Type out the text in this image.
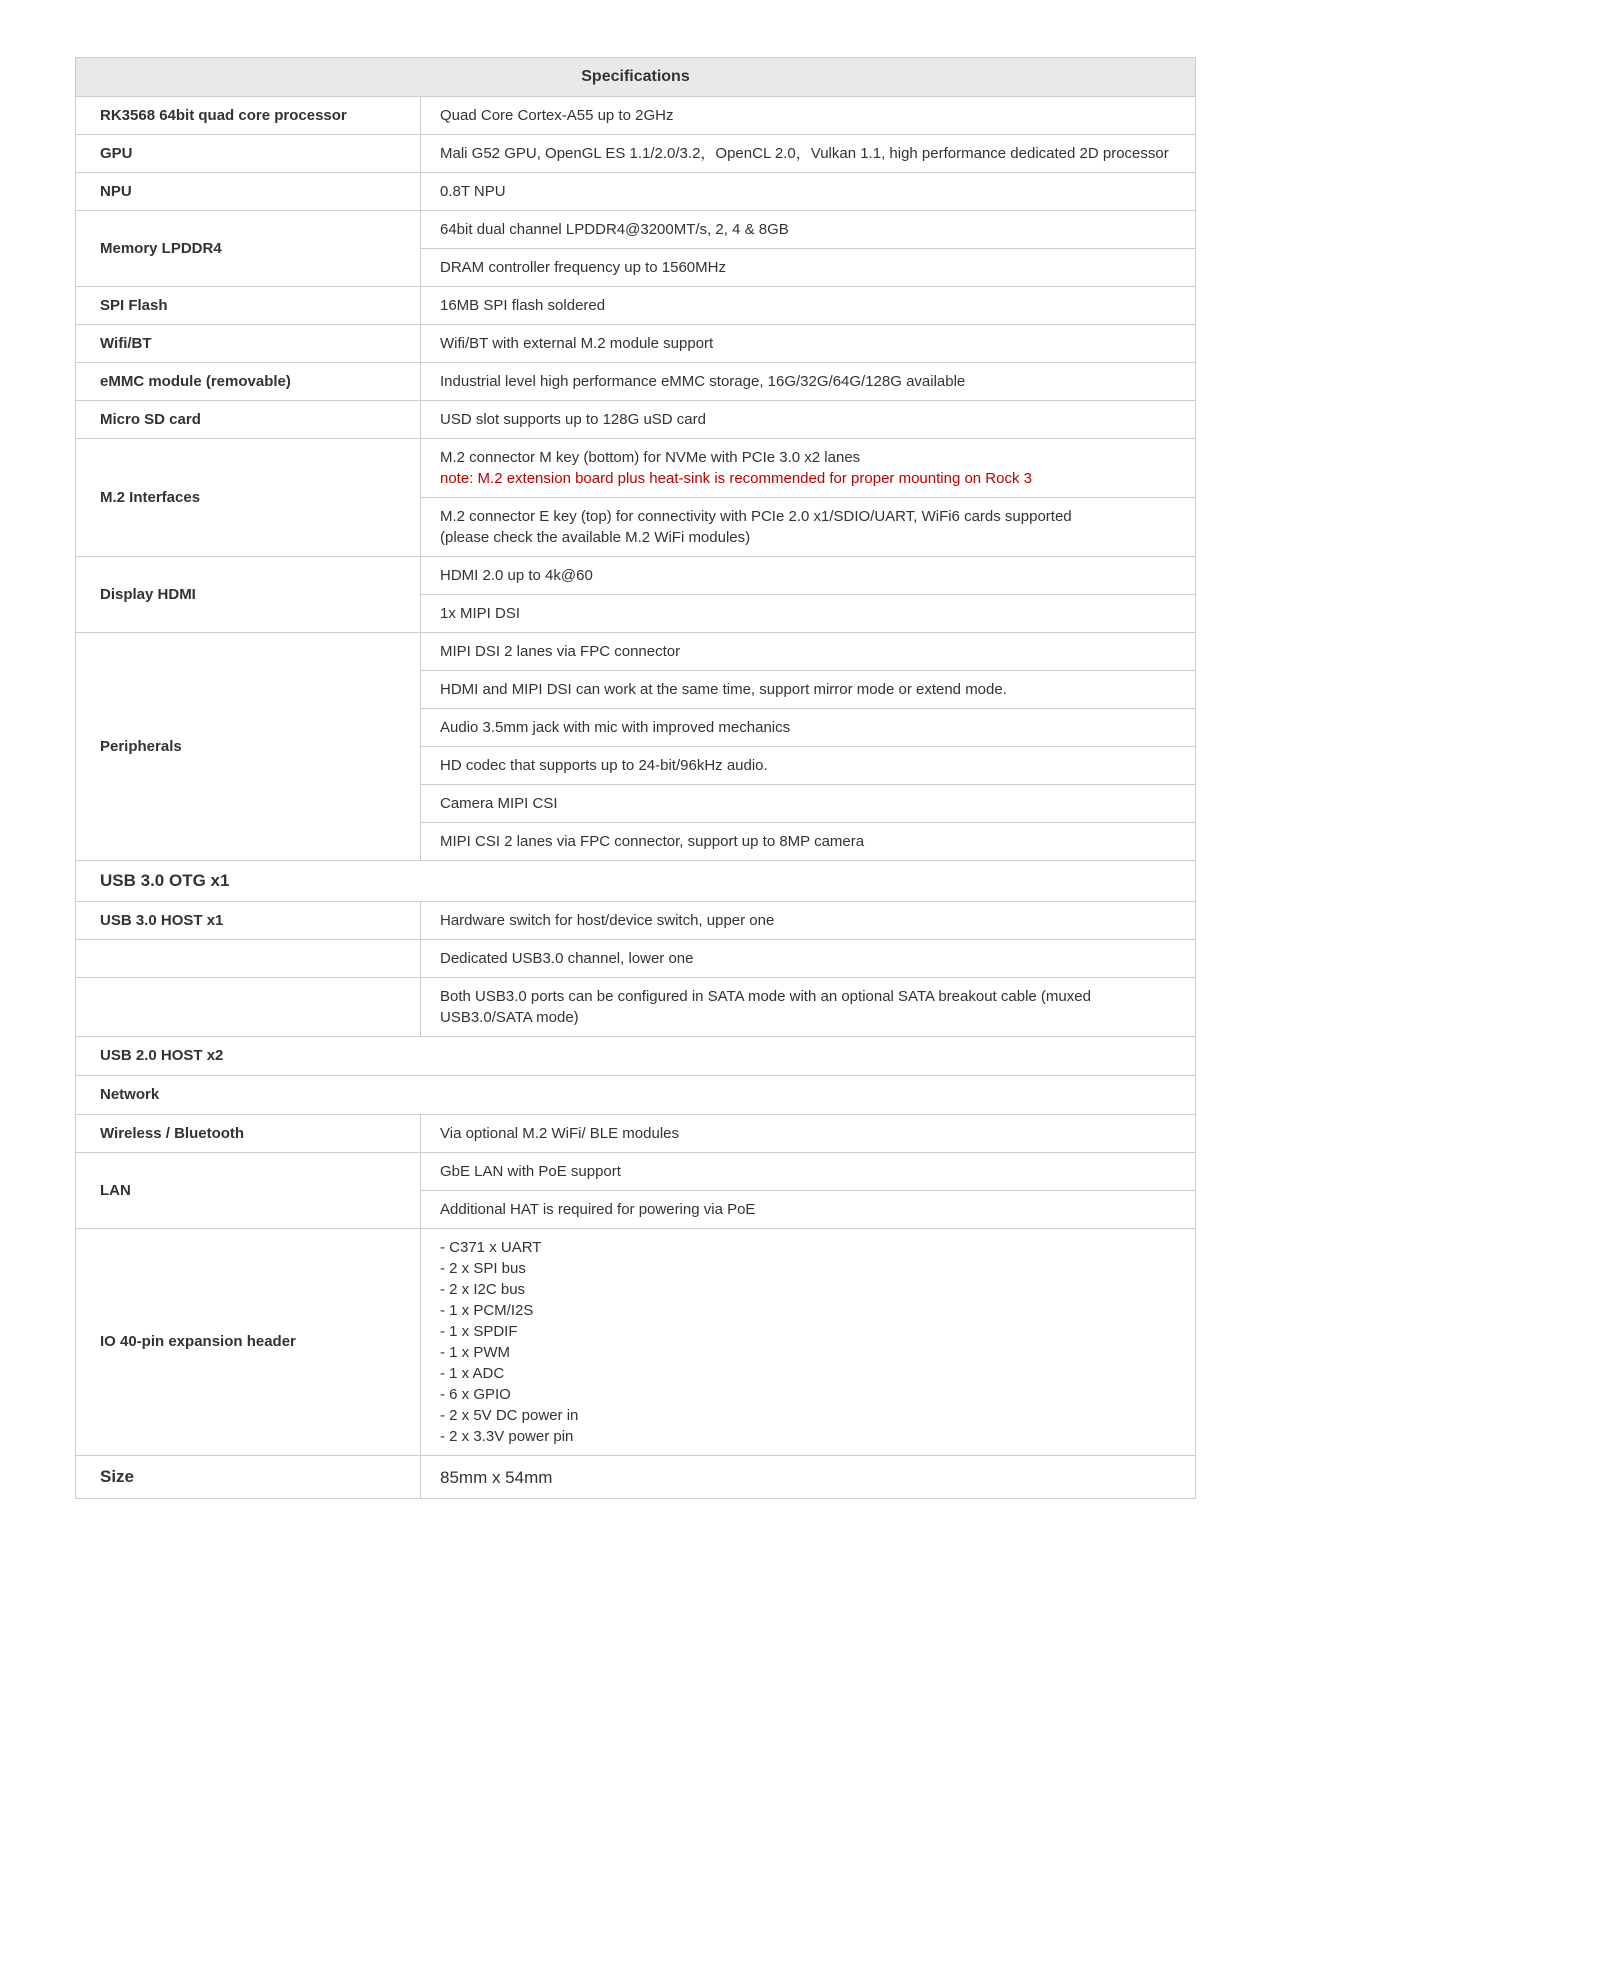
Specifications	
RK3568 64bit quad core processor	Quad Core Cortex-A55 up to 2GHz

GPU	Mali G52 GPU, OpenGL ES 1.1/2.0/3.2，OpenCL 2.0，Vulkan 1.1, high performance dedicated 2D processor

NPU	0.8T NPU

Memory LPDDR4	64bit dual channel LPDDR4@3200MT/s, 2, 4 & 8GB

	DRAM controller frequency up to 1560MHz

SPI Flash	16MB SPI flash soldered

Wifi/BT	Wifi/BT with external M.2 module support

eMMC module (removable)	Industrial level high performance eMMC storage, 16G/32G/64G/128G available

Micro SD card	USD slot supports up to 128G uSD card

M.2 Interfaces	M.2 connector M key (bottom) for NVMe with PCIe 3.0 x2 lanes
note: M.2 extension board plus heat-sink is recommended for proper mounting on Rock 3

	M.2 connector E key (top) for connectivity with PCIe 2.0 x1/SDIO/UART, WiFi6 cards supported
(please check the available M.2 WiFi modules)

Display HDMI	HDMI 2.0 up to 4k@60

	1x MIPI DSI

Peripherals	MIPI DSI 2 lanes via FPC connector

	HDMI and MIPI DSI can work at the same time, support mirror mode or extend mode.

	Audio 3.5mm jack with mic with improved mechanics

	HD codec that supports up to 24-bit/96kHz audio.

	Camera MIPI CSI

	MIPI CSI 2 lanes via FPC connector, support up to 8MP camera

USB 3.0 OTG x1	
USB 3.0 HOST x1	Hardware switch for host/device switch, upper one

	Dedicated USB3.0 channel, lower one

	Both USB3.0 ports can be configured in SATA mode with an optional SATA breakout cable (muxed
USB3.0/SATA mode)

USB 2.0 HOST x2	
Network	
Wireless / Bluetooth	Via optional M.2 WiFi/ BLE modules

LAN	GbE LAN with PoE support

	Additional HAT is required for powering via PoE

IO 40-pin expansion header	
- C371 x UART
- 2 x SPI bus
- 2 x I2C bus
- 1 x PCM/I2S
- 1 x SPDIF
- 1 x PWM
- 1 x ADC
- 6 x GPIO
- 2 x 5V DC power in
- 2 x 3.3V power pin

Size	85mm x 54mm
